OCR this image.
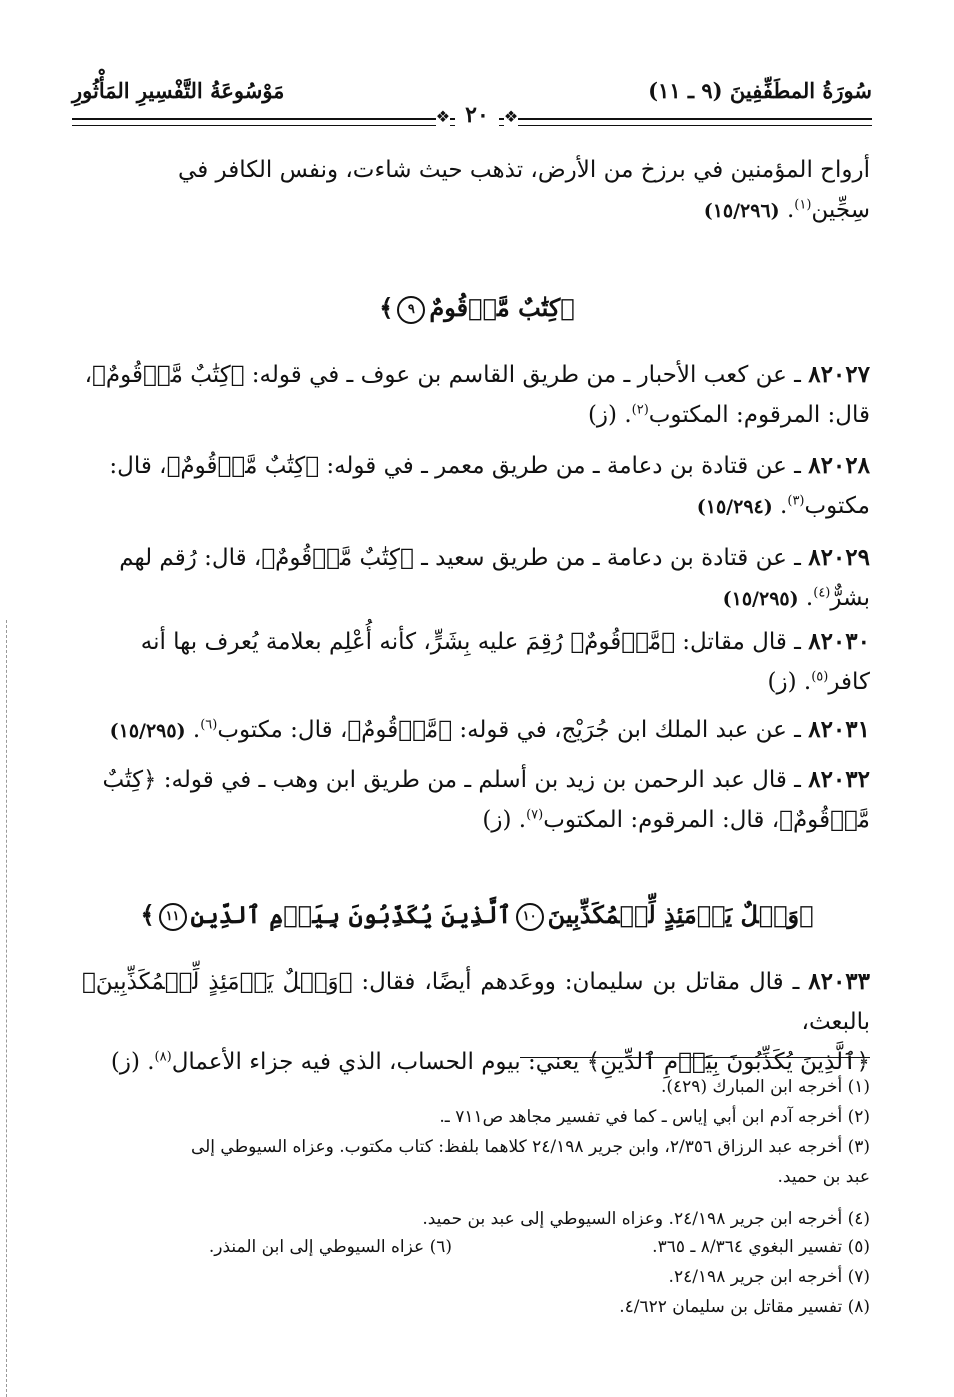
سُورَةُ المطَفِّفِينَ (٩ ـ ١١)
مَوْسُوعَةُ التَّفْسِيرِ المَأْثُورِ
❖ ٢٠ ❖
أرواح المؤمنين في برزخ من الأرض، تذهب حيث شاءت، ونفس الكافر في
سِجِّين$^{(١)}$. (١٥/٢٩٦)
﴿كِتَٰبٌ مَّرۡقُومٌ٩﴾
٨٢٠٢٧ ـ عن كعب الأحبار ـ من طريق القاسم بن عوف ـ في قوله: ﴿كِتَٰبٌ مَّرۡقُومٌ﴾،
قال: المرقوم: المكتوب$^{(٢)}$. (ز)
٨٢٠٢٨ ـ عن قتادة بن دعامة ـ من طريق معمر ـ في قوله: ﴿كِتَٰبٌ مَّرۡقُومٌ﴾، قال:
مكتوب$^{(٣)}$. (١٥/٢٩٤)
٨٢٠٢٩ ـ عن قتادة بن دعامة ـ من طريق سعيد ـ ﴿كِتَٰبٌ مَّرۡقُومٌ﴾، قال: رُقم لهم
بشرٌّ$^{(٤)}$. (١٥/٢٩٥)
٨٢٠٣٠ ـ قال مقاتل: ﴿مَّرۡقُومٌ﴾ رُقِمَ عليه بِشَرٍّ، كأنه أُعْلِم بعلامة يُعرف بها أنه
كافر$^{(٥)}$. (ز)
٨٢٠٣١ ـ عن عبد الملك ابن جُرَيْج، في قوله: ﴿مَّرۡقُومٌ﴾، قال: مكتوب$^{(٦)}$. (١٥/٢٩٥)
٨٢٠٣٢ ـ قال عبد الرحمن بن زيد بن أسلم ـ من طريق ابن وهب ـ في قوله: ﴿كِتَٰبٌ
مَّرۡقُومٌ﴾، قال: المرقوم: المكتوب$^{(٧)}$. (ز)
﴿وَيۡلٌ يَوۡمَئِذٍ لِّلۡمُكَذِّبِينَ١٠ٱلَّذِينَ يُكَذِّبُونَ بِيَوۡمِ ٱلدِّينِ١١﴾
٨٢٠٣٣ ـ قال مقاتل بن سليمان: ووعَدهم أيضًا، فقال: ﴿وَيۡلٌ يَوۡمَئِذٍ لِّلۡمُكَذِّبِينَ﴾ بالبعث،
﴿ٱلَّذِينَ يُكَذِّبُونَ بِيَوۡمِ ٱلدِّينِ﴾ يعني: بيوم الحساب، الذي فيه جزاء الأعمال$^{(٨)}$. (ز)
(١) أخرجه ابن المبارك (٤٢٩).
(٢) أخرجه آدم ابن أبي إياس ـ كما في تفسير مجاهد ص٧١١ ـ.
(٣) أخرجه عبد الرزاق ٢/٣٥٦، وابن جرير ٢٤/١٩٨ كلاهما بلفظ: كتاب مكتوب. وعزاه السيوطي إلى
عبد بن حميد.
(٤) أخرجه ابن جرير ٢٤/١٩٨. وعزاه السيوطي إلى عبد بن حميد.
(٥) تفسير البغوي ٨/٣٦٤ ـ ٣٦٥.
(٦) عزاه السيوطي إلى ابن المنذر.
(٧) أخرجه ابن جرير ٢٤/١٩٨.
(٨) تفسير مقاتل بن سليمان ٤/٦٢٢.
